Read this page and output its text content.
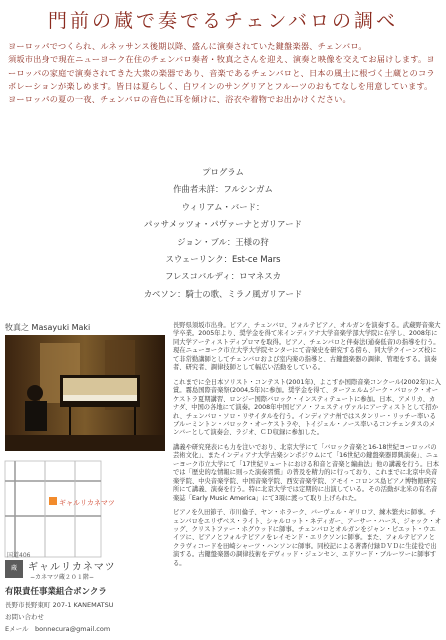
門前の蔵で奏でるチェンバロの調べ

ヨーロッパでつくられ、ルネッサンス後期以降、盛んに演奏されていた鍵盤楽器、チェンバロ。

須坂市出身で現在ニューヨーク在住のチェンバロ奏者・牧真之さんを迎え、演奏と映像を交えてお届けします。ヨーロッパの家庭で演奏されてきた大衆の楽器であり、音楽であるチェンバロと、日本の風土に根づく土蔵とのコラボレーションが楽しめます。皆日は夏らしく、白ワインのサングリアとフルーツのおもてなしを用意しています。ヨーロッパの夏の一夜、チェンバロの音色に耳を傾けに、浴衣や着物でお出かけください。

プログラム
作曲者未詳：フルシンガム
ウィリアム・バード：
パッサメッツォ・パヴァーナとガリアード
ジョン・ブル：王様の狩
スウェーリンク：Est-ce Mars
フレスコバルディ：ロマネスカ
カベソン：騎士の歌、ミラノ風ガリアード
牧真之 Masayuki Maki	長野県須坂市出身。ピアノ、チェンバロ、フォルテピアノ、オルガンを演奏する。武蔵野音楽大学卒業。2005年より、奨学金を得て米インディアナ大学音楽学部大学院に在学し、2008年に同大学アーティストディプロマを取得。ピアノ、チェンバロと伴奏法(通奏低音)の指導を行う。現在ニューヨーク市立大学大学院センターにて音楽史を研究する傍ら、同大学クイーンズ校にて非常勤講師としてチェンバロおよび室内楽の指導と、古鍵盤楽器の調律、管理をする。演奏者、研究者、調律技師として幅広い活動をしている。

これまでに全日本ソリスト・コンテスト(2001年)、よこすか国際音楽コンクール(2002年)に入賞。霧島国際音楽祭(2004,5年)に参加。奨学金を得て、ターフェルムジーク・バロック・オーケストラ夏期講習、ロンジー国際バロック・インスティテュートに参加。日本、アメリカ、カナダ、中国の各地にて演奏。2008年中国ピアノ・フェスティヴァルにアーティストとして招かれ、チェンバロ・ソロ・リサイタルを行う。インディアナ州ではスタンリー・リッチー率いるブルーミントン・バロック・オーケストラや、トイジェル・ノース率いるコンチェンタスのメンバーとして演奏会、ラジオ、ＣＤ収録に参加した。

講義や研究発表にも力を注いでおり、北京大学にて「バロック音楽と16-18世紀ヨーロッパの芸術文化」、またインディアナ大学古楽シンポジウムにて「16世紀の鍵盤楽器即興演奏」、ニューヨーク市立大学にて「17世紀リュートにおける和音と音楽と編曲法」他の講義を行う。日本では「歴史的な情報に則った演奏習慣」の普及を精力的に行っており、これまでに北京中央音楽学院、中央音楽学院、中国音楽学院、西安音楽学院、アモイ・コロンス島ピアノ博物館研究所にて講義、演奏を行う。特に北京大学では定期的に出演している。その活動が北米の有名音楽誌「Early Music America」にて3項に渡って取り上げられた。

ピアノを久田節子、市川倫子、ヤン・ホラーク、バーヴェル・ギリロフ、練木繁夫に師事。チェンバロをエリザベス・ライト、シャルロット・ネディガー、アーサー・ハース、ジャック・オッグ、クリストファー・ホグウッドに師事。チェンバロとオルガンをジャン・ピエット・ウエイツに、ピアノとフォルテピアノをレイモンド・エリクソンに師事。また、フォルテピアノとクラヴィコードを田崎シャーツ・ハンソンに師事。同校記による著書付録ＤＶＤに生徒役で出演する。古鍵盤楽器の調律技術をデヴィッド・ジェンセン、エドワード・ブルーワーに師事する。

ギャルリカネマツ
国道406
蔵	ギャルリカネマツ
−カネマツ蔵２０１階−
有限責任事業組合ボンクラ
長野市長野東町 207-1 KANEMATSU
お問い合わせ
Eメール　bonnecura@gmail.com
